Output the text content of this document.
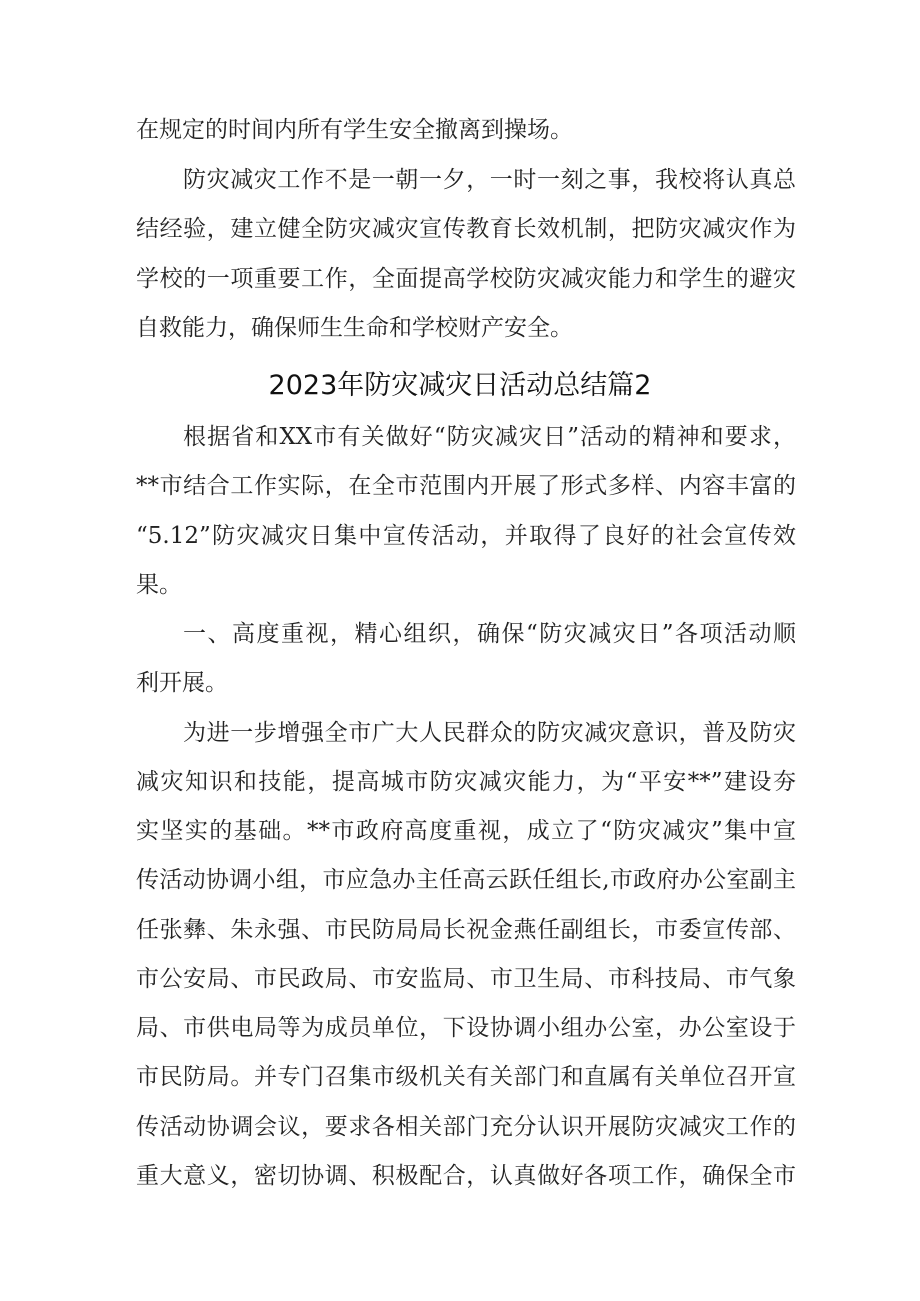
在规定的时间内所有学生安全撤离到操场。
防灾减灾工作不是一朝一夕，一时一刻之事，我校将认真总
结经验，建立健全防灾减灾宣传教育长效机制，把防灾减灾作为
学校的一项重要工作，全面提高学校防灾减灾能力和学生的避灾
自救能力，确保师生生命和学校财产安全。
2023年防灾减灾日活动总结篇2
根据省和XX市有关做好“防灾减灾日”活动的精神和要求，
**市结合工作实际，在全市范围内开展了形式多样、内容丰富的
“5.12”防灾减灾日集中宣传活动，并取得了良好的社会宣传效
果。
一、高度重视，精心组织，确保“防灾减灾日”各项活动顺
利开展。
为进一步增强全市广大人民群众的防灾减灾意识，普及防灾
减灾知识和技能，提高城市防灾减灾能力，为“平安**”建设夯
实坚实的基础。**市政府高度重视，成立了“防灾减灾”集中宣
传活动协调小组，市应急办主任高云跃任组长,市政府办公室副主
任张彝、朱永强、市民防局局长祝金燕任副组长，市委宣传部、
市公安局、市民政局、市安监局、市卫生局、市科技局、市气象
局、市供电局等为成员单位，下设协调小组办公室，办公室设于
市民防局。并专门召集市级机关有关部门和直属有关单位召开宣
传活动协调会议，要求各相关部门充分认识开展防灾减灾工作的
重大意义，密切协调、积极配合，认真做好各项工作，确保全市
